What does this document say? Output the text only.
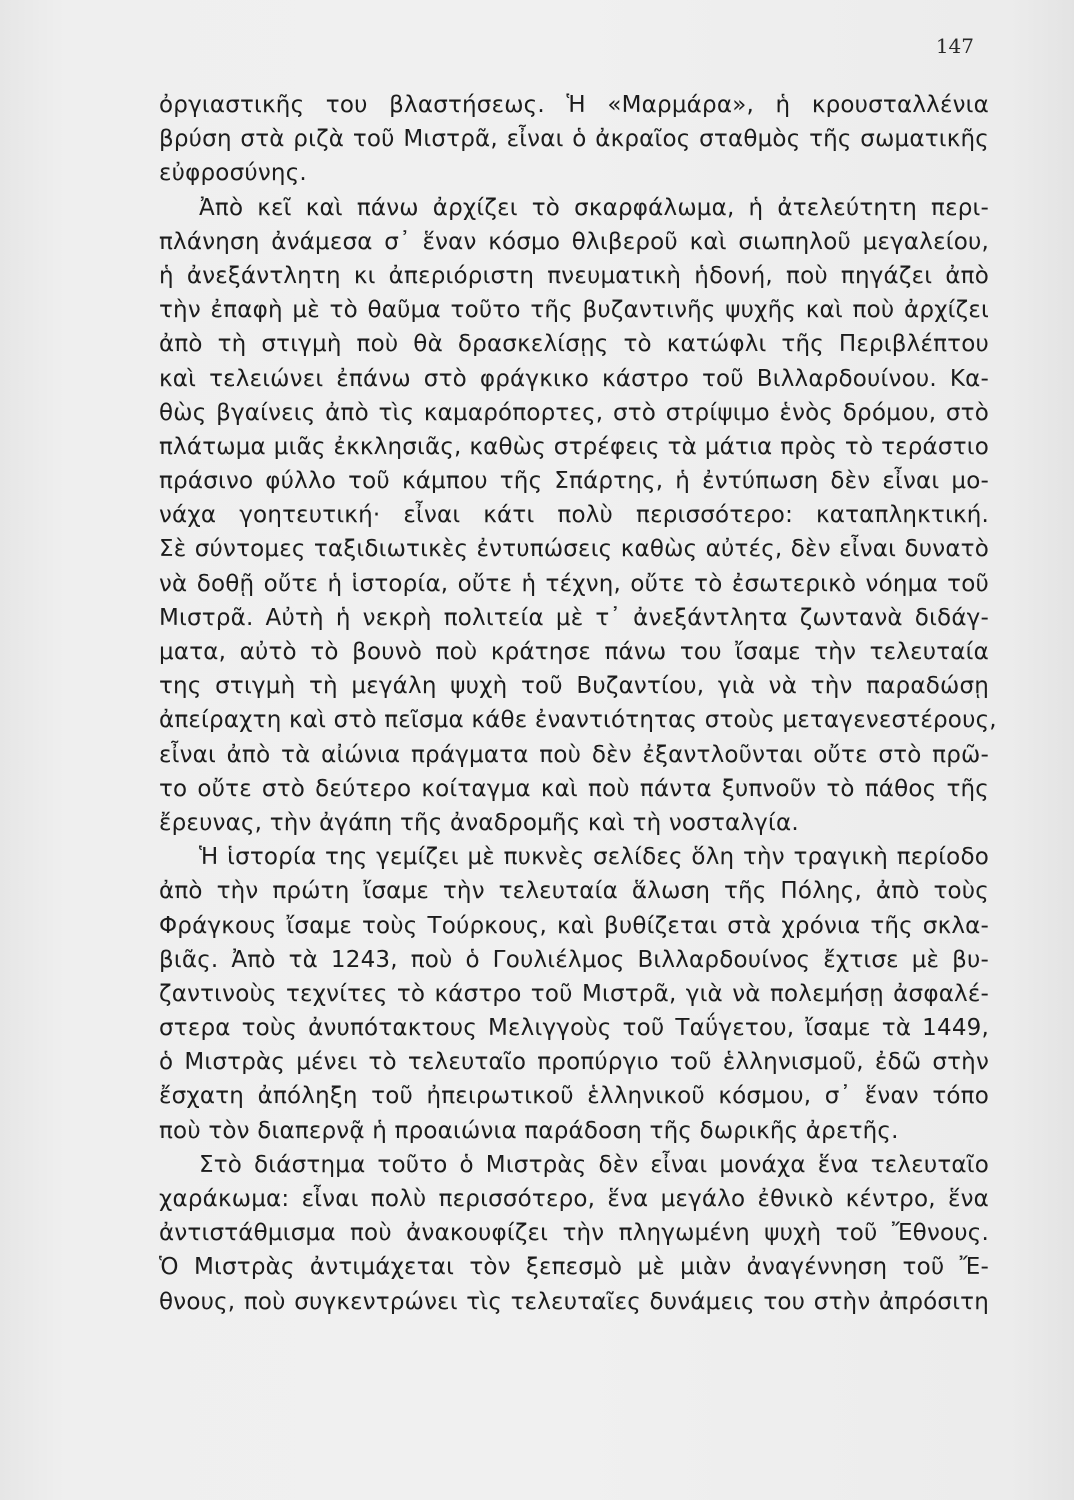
147
ὀργιαστικῆς του βλαστήσεως. Ἡ «Μαρμάρα», ἡ κρουσταλλένια
βρύση στὰ ριζὰ τοῦ Μιστρᾶ, εἶναι ὁ ἀκραῖος σταθμὸς τῆς σωματικῆς
εὐφροσύνης.
Ἀπὸ κεῖ καὶ πάνω ἀρχίζει τὸ σκαρφάλωμα, ἡ ἀτελεύτητη περι-
πλάνηση ἀνάμεσα σ᾽ ἕναν κόσμο θλιβεροῦ καὶ σιωπηλοῦ μεγαλείου,
ἡ ἀνεξάντλητη κι ἀπεριόριστη πνευματικὴ ἡδονή, ποὺ πηγάζει ἀπὸ
τὴν ἐπαφὴ μὲ τὸ θαῦμα τοῦτο τῆς βυζαντινῆς ψυχῆς καὶ ποὺ ἀρχίζει
ἀπὸ τὴ στιγμὴ ποὺ θὰ δρασκελίσῃς τὸ κατώφλι τῆς Περιβλέπτου
καὶ τελειώνει ἐπάνω στὸ φράγκικο κάστρο τοῦ Βιλλαρδουίνου. Κα-
θὼς βγαίνεις ἀπὸ τὶς καμαρόπορτες, στὸ στρίψιμο ἑνὸς δρόμου, στὸ
πλάτωμα μιᾶς ἐκκλησιᾶς, καθὼς στρέφεις τὰ μάτια πρὸς τὸ τεράστιο
πράσινο φύλλο τοῦ κάμπου τῆς Σπάρτης, ἡ ἐντύπωση δὲν εἶναι μο-
νάχα γοητευτική· εἶναι κάτι πολὺ περισσότερο: καταπληκτική.
Σὲ σύντομες ταξιδιωτικὲς ἐντυπώσεις καθὼς αὐτές, δὲν εἶναι δυνατὸ
νὰ δοθῇ οὔτε ἡ ἱστορία, οὔτε ἡ τέχνη, οὔτε τὸ ἐσωτερικὸ νόημα τοῦ
Μιστρᾶ. Αὐτὴ ἡ νεκρὴ πολιτεία μὲ τ᾽ ἀνεξάντλητα ζωντανὰ διδάγ-
ματα, αὐτὸ τὸ βουνὸ ποὺ κράτησε πάνω του ἴσαμε τὴν τελευταία
της στιγμὴ τὴ μεγάλη ψυχὴ τοῦ Βυζαντίου, γιὰ νὰ τὴν παραδώσῃ
ἀπείραχτη καὶ στὸ πεῖσμα κάθε ἐναντιότητας στοὺς μεταγενεστέρους,
εἶναι ἀπὸ τὰ αἰώνια πράγματα ποὺ δὲν ἐξαντλοῦνται οὔτε στὸ πρῶ-
το οὔτε στὸ δεύτερο κοίταγμα καὶ ποὺ πάντα ξυπνοῦν τὸ πάθος τῆς
ἔρευνας, τὴν ἀγάπη τῆς ἀναδρομῆς καὶ τὴ νοσταλγία.
Ἡ ἱστορία της γεμίζει μὲ πυκνὲς σελίδες ὅλη τὴν τραγικὴ περίοδο
ἀπὸ τὴν πρώτη ἴσαμε τὴν τελευταία ἅλωση τῆς Πόλης, ἀπὸ τοὺς
Φράγκους ἴσαμε τοὺς Τούρκους, καὶ βυθίζεται στὰ χρόνια τῆς σκλα-
βιᾶς. Ἀπὸ τὰ 1243, ποὺ ὁ Γουλιέλμος Βιλλαρδουίνος ἔχτισε μὲ βυ-
ζαντινοὺς τεχνίτες τὸ κάστρο τοῦ Μιστρᾶ, γιὰ νὰ πολεμήσῃ ἀσφαλέ-
στερα τοὺς ἀνυπότακτους Μελιγγοὺς τοῦ Ταΰγετου, ἴσαμε τὰ 1449,
ὁ Μιστρὰς μένει τὸ τελευταῖο προπύργιο τοῦ ἑλληνισμοῦ, ἐδῶ στὴν
ἔσχατη ἀπόληξη τοῦ ἠπειρωτικοῦ ἑλληνικοῦ κόσμου, σ᾽ ἕναν τόπο
ποὺ τὸν διαπερνᾷ ἡ προαιώνια παράδοση τῆς δωρικῆς ἀρετῆς.
Στὸ διάστημα τοῦτο ὁ Μιστρὰς δὲν εἶναι μονάχα ἕνα τελευταῖο
χαράκωμα: εἶναι πολὺ περισσότερο, ἕνα μεγάλο ἐθνικὸ κέντρο, ἕνα
ἀντιστάθμισμα ποὺ ἀνακουφίζει τὴν πληγωμένη ψυχὴ τοῦ Ἔθνους.
Ὁ Μιστρὰς ἀντιμάχεται τὸν ξεπεσμὸ μὲ μιὰν ἀναγέννηση τοῦ Ἔ-
θνους, ποὺ συγκεντρώνει τὶς τελευταῖες δυνάμεις του στὴν ἀπρόσιτη
